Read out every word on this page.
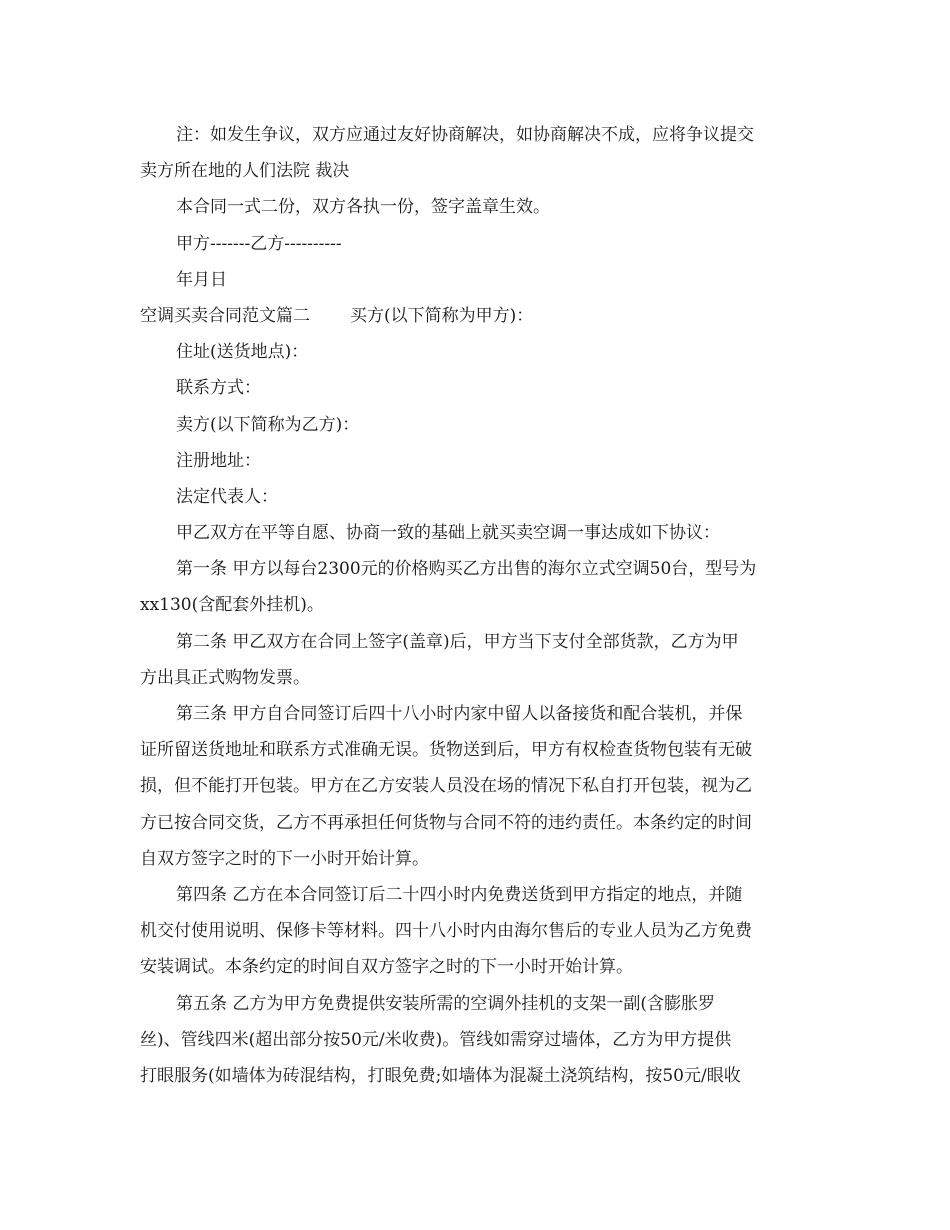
注：如发生争议，双方应通过友好协商解决，如协商解决不成，应将争议提交
卖方所在地的人们法院 裁决
本合同一式二份，双方各执一份，签字盖章生效。
甲方-------乙方----------
年月日
空调买卖合同范文篇二 买方(以下简称为甲方)：
住址(送货地点)：
联系方式：
卖方(以下简称为乙方)：
注册地址：
法定代表人：
甲乙双方在平等自愿、协商一致的基础上就买卖空调一事达成如下协议：
第一条 甲方以每台2300元的价格购买乙方出售的海尔立式空调50台，型号为
xx130(含配套外挂机)。
第二条 甲乙双方在合同上签字(盖章)后，甲方当下支付全部货款，乙方为甲
方出具正式购物发票。
第三条 甲方自合同签订后四十八小时内家中留人以备接货和配合装机，并保
证所留送货地址和联系方式准确无误。货物送到后，甲方有权检查货物包装有无破
损，但不能打开包装。甲方在乙方安装人员没在场的情况下私自打开包装，视为乙
方已按合同交货，乙方不再承担任何货物与合同不符的违约责任。本条约定的时间
自双方签字之时的下一小时开始计算。
第四条 乙方在本合同签订后二十四小时内免费送货到甲方指定的地点，并随
机交付使用说明、保修卡等材料。四十八小时内由海尔售后的专业人员为乙方免费
安装调试。本条约定的时间自双方签字之时的下一小时开始计算。
第五条 乙方为甲方免费提供安装所需的空调外挂机的支架一副(含膨胀罗
丝)、管线四米(超出部分按50元/米收费)。管线如需穿过墙体，乙方为甲方提供
打眼服务(如墙体为砖混结构，打眼免费;如墙体为混凝土浇筑结构，按50元/眼收
